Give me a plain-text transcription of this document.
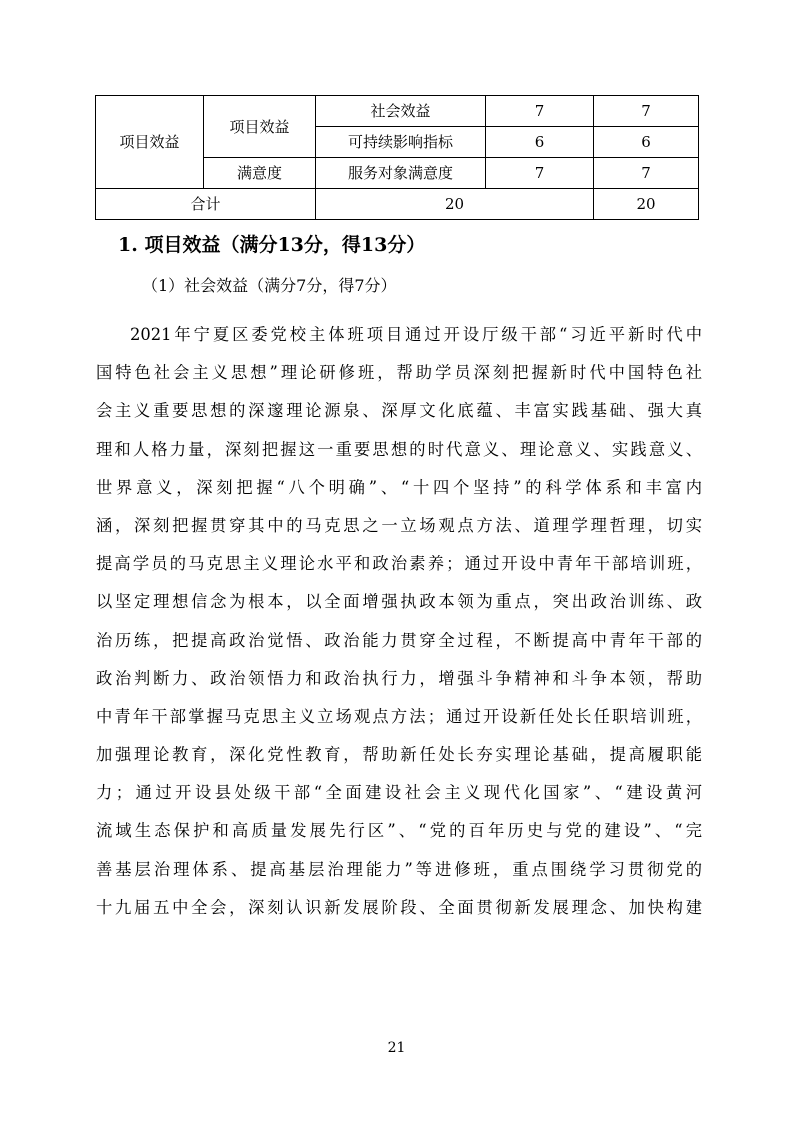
项目效益	项目效益	社会效益	7	7
		可持续影响指标	6	6
	满意度	服务对象满意度	7	7
合计		20		20
1. 项目效益（满分13分，得13分）
（1）社会效益（满分7分，得7分）
2021年宁夏区委党校主体班项目通过开设厅级干部“习近平新时代中
国特色社会主义思想”理论研修班，帮助学员深刻把握新时代中国特色社
会主义重要思想的深邃理论源泉、深厚文化底蕴、丰富实践基础、强大真
理和人格力量，深刻把握这一重要思想的时代意义、理论意义、实践意义、
世界意义，深刻把握“八个明确”、“十四个坚持”的科学体系和丰富内
涵，深刻把握贯穿其中的马克思之一立场观点方法、道理学理哲理，切实
提高学员的马克思主义理论水平和政治素养；通过开设中青年干部培训班，
以坚定理想信念为根本，以全面增强执政本领为重点，突出政治训练、政
治历练，把提高政治觉悟、政治能力贯穿全过程，不断提高中青年干部的
政治判断力、政治领悟力和政治执行力，增强斗争精神和斗争本领，帮助
中青年干部掌握马克思主义立场观点方法；通过开设新任处长任职培训班，
加强理论教育，深化党性教育，帮助新任处长夯实理论基础，提高履职能
力；通过开设县处级干部“全面建设社会主义现代化国家”、“建设黄河
流域生态保护和高质量发展先行区”、“党的百年历史与党的建设”、“完
善基层治理体系、提高基层治理能力”等进修班，重点围绕学习贯彻党的
十九届五中全会，深刻认识新发展阶段、全面贯彻新发展理念、加快构建
21
